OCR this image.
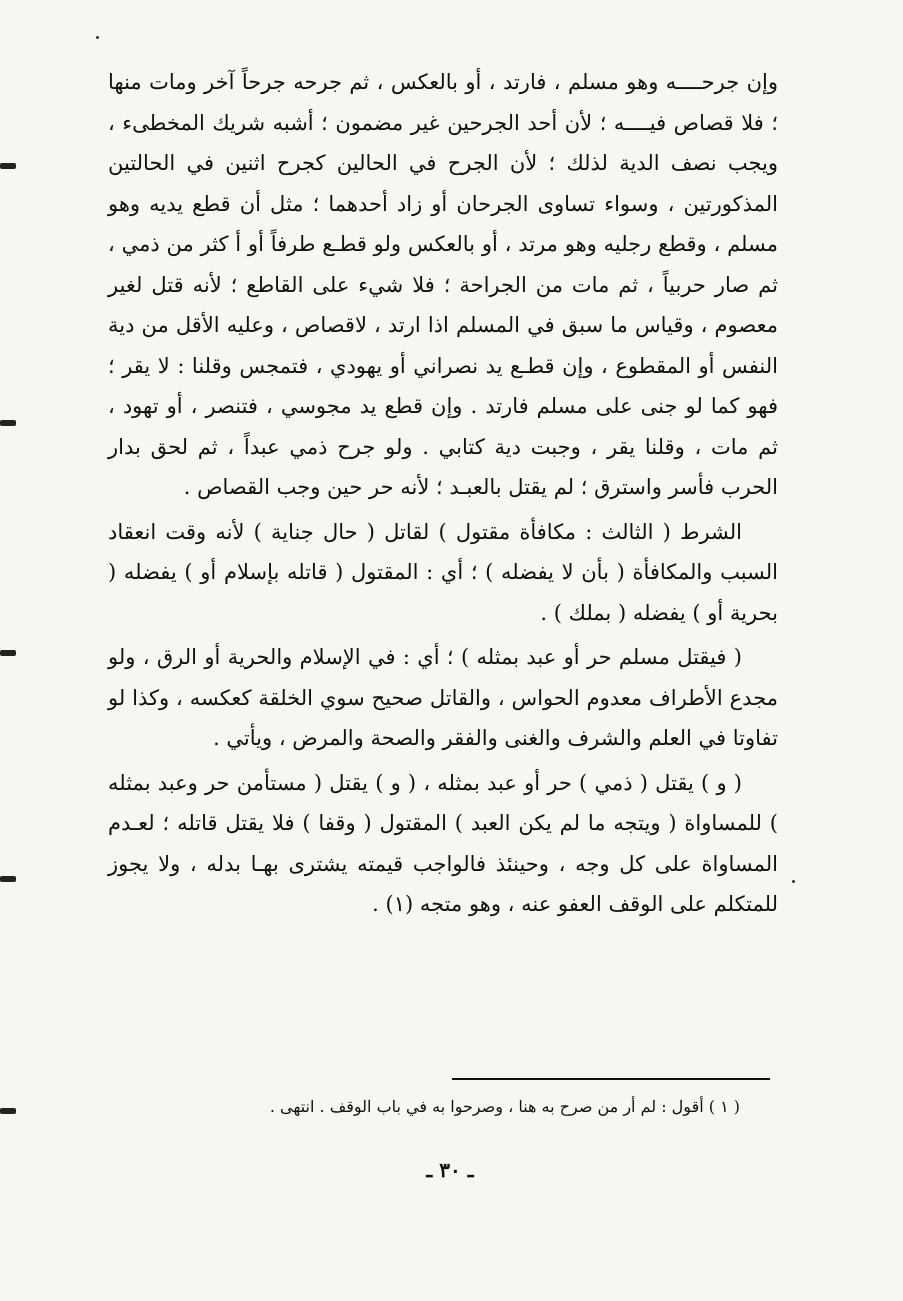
وإن جرحــــه وهو مسلم ، فارتد ، أو بالعكس ، ثم جرحه جرحاً آخر ومات منها ؛ فلا قصاص فيــــه ؛ لأن أحد الجرحين غير مضمون ؛ أشبه شريك المخطىء ، ويجب نصف الدية لذلك ؛ لأن الجرح في الحالين كجرح اثنين في الحالتين المذكورتين ، وسواء تساوى الجرحان أو زاد أحدهما ؛ مثل أن قطع يديه وهو مسلم ، وقطع رجليه وهو مرتد ، أو بالعكس ولو قطـع طرفاً أو أ كثر من ذمي ، ثم صار حربياً ، ثم مات من الجراحة ؛ فلا شيء على القاطع ؛ لأنه قتل لغير معصوم ، وقياس ما سبق في المسلم اذا ارتد ، لاقصاص ، وعليه الأقل من دية النفس أو المقطوع ، وإن قطـع يد نصراني أو يهودي ، فتمجس وقلنا : لا يقر ؛ فهو كما لو جنى على مسلم فارتد . وإن قطع يد مجوسي ، فتنصر ، أو تهود ، ثم مات ، وقلنا يقر ، وجبت دية كتابي . ولو جرح ذمي عبداً ، ثم لحق بدار الحرب فأسر واسترق ؛ لم يقتل بالعبـد ؛ لأنه حر حين وجب القصاص .

الشرط ( الثالث : مكافأة مقتول ) لقاتل ( حال جناية ) لأنه وقت انعقاد السبب والمكافأة ( بأن لا يفضله ) ؛ أي : المقتول ( قاتله بإسلام أو ) يفضله ( بحرية أو ) يفضله ( بملك ) .

( فيقتل مسلم حر أو عبد بمثله ) ؛ أي : في الإسلام والحرية أو الرق ، ولو مجدع الأطراف معدوم الحواس ، والقاتل صحيح سوي الخلقة كعكسه ، وكذا لو تفاوتا في العلم والشرف والغنى والفقر والصحة والمرض ، ويأتي .

( و ) يقتل ( ذمي ) حر أو عبد بمثله ، ( و ) يقتل ( مستأمن حر وعبد بمثله ) للمساواة ( ويتجه ما لم يكن العبد ) المقتول ( وقفا ) فلا يقتل قاتله ؛ لعـدم المساواة على كل وجه ، وحينئذ فالواجب قيمته يشترى بهـا بدله ، ولا يجوز للمتكلم على الوقف العفو عنه ، وهو متجه (١) .

( ١ ) أقول : لم أر من صرح به هنا ، وصرحوا به في باب الوقف . انتهى .
ـ ٣٠ ـ
